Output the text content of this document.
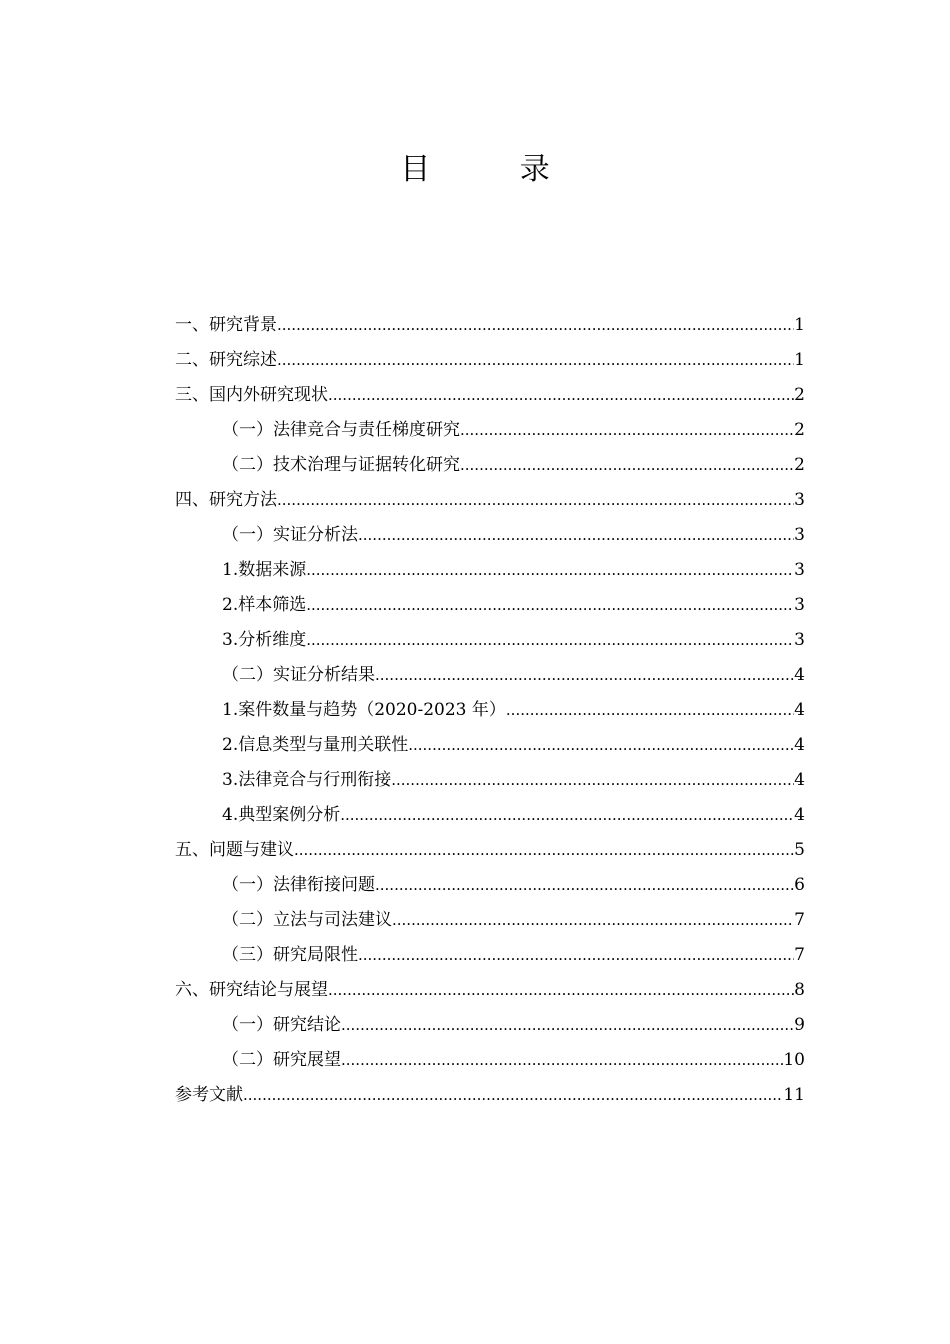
目 录
一、研究背景 .....	1
二、研究综述 .....	1
三、国内外研究现状 .....	2
（一）法律竞合与责任梯度研究 .....	2
（二）技术治理与证据转化研究 .....	2
四、研究方法 .....	3
（一）实证分析法 .....	3
1.数据来源 .....	3
2.样本筛选 .....	3
3.分析维度 .....	3
（二）实证分析结果 .....	4
1.案件数量与趋势（2020-2023 年） .....	4
2.信息类型与量刑关联性 .....	4
3.法律竞合与行刑衔接 .....	4
4.典型案例分析 .....	4
五、问题与建议 .....	5
（一）法律衔接问题 .....	6
（二）立法与司法建议 .....	7
（三）研究局限性 .....	7
六、研究结论与展望 .....	8
（一）研究结论 .....	9
（二）研究展望 .....	10
参考文献 .....	11
